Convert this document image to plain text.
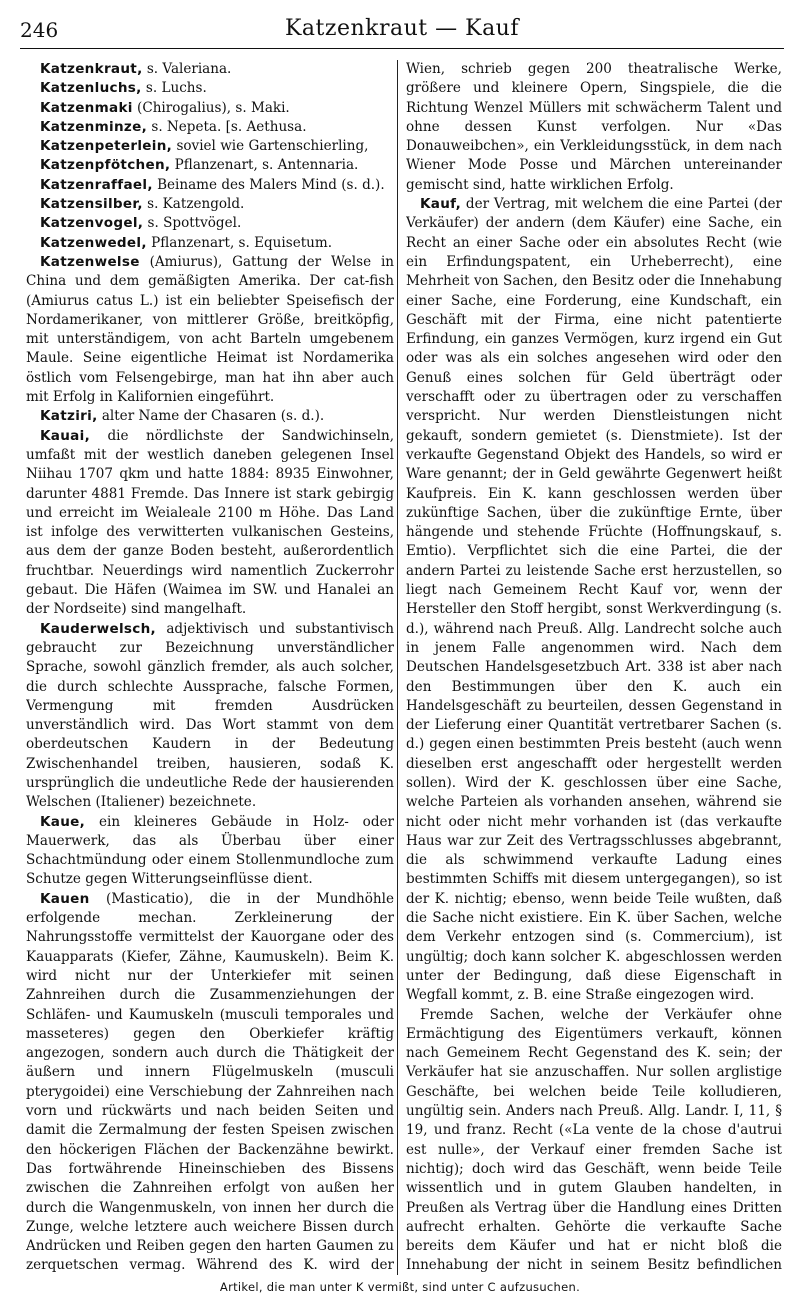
246	Katzenkraut — Kauf

Katzenkraut, s. Valeriana.

Katzenluchs, s. Luchs.

Katzenmaki (Chirogalius), s. Maki.

Katzenminze, s. Nepeta. [s. Aethusa.

Katzenpeterlein, soviel wie Gartenschierling,

Katzenpfötchen, Pflanzenart, s. Antennaria.

Katzenraffael, Beiname des Malers Mind (s. d.).

Katzensilber, s. Katzengold.

Katzenvogel, s. Spottvögel.

Katzenwedel, Pflanzenart, s. Equisetum.

Katzenwelse (Amiurus), Gattung der Welse in China und dem gemäßigten Amerika. Der cat-fish (Amiurus catus L.) ist ein beliebter Speisefisch der Nordamerikaner, von mittlerer Größe, breitköpfig, mit unterständigem, von acht Barteln umgebenem Maule. Seine eigentliche Heimat ist Nordamerika östlich vom Felsengebirge, man hat ihn aber auch mit Erfolg in Kalifornien eingeführt.

Katziri, alter Name der Chasaren (s. d.).

Kauai, die nördlichste der Sandwichinseln, umfaßt mit der westlich daneben gelegenen Insel Niihau 1707 qkm und hatte 1884: 8935 Einwohner, darunter 4881 Fremde. Das Innere ist stark gebirgig und erreicht im Weialeale 2100 m Höhe. Das Land ist infolge des verwitterten vulkanischen Gesteins, aus dem der ganze Boden besteht, außerordentlich fruchtbar. Neuerdings wird namentlich Zuckerrohr gebaut. Die Häfen (Waimea im SW. und Hanalei an der Nordseite) sind mangelhaft.

Kauderwelsch, adjektivisch und substantivisch gebraucht zur Bezeichnung unverständlicher Sprache, sowohl gänzlich fremder, als auch solcher, die durch schlechte Aussprache, falsche Formen, Vermengung mit fremden Ausdrücken unverständlich wird. Das Wort stammt von dem oberdeutschen Kaudern in der Bedeutung Zwischenhandel treiben, hausieren, sodaß K. ursprünglich die undeutliche Rede der hausierenden Welschen (Italiener) bezeichnete.

Kaue, ein kleineres Gebäude in Holz- oder Mauerwerk, das als Überbau über einer Schachtmündung oder einem Stollenmundloche zum Schutze gegen Witterungseinflüsse dient.

Kauen (Masticatio), die in der Mundhöhle erfolgende mechan. Zerkleinerung der Nahrungsstoffe vermittelst der Kauorgane oder des Kauapparats (Kiefer, Zähne, Kaumuskeln). Beim K. wird nicht nur der Unterkiefer mit seinen Zahnreihen durch die Zusammenziehungen der Schläfen- und Kaumuskeln (musculi temporales und masseteres) gegen den Oberkiefer kräftig angezogen, sondern auch durch die Thätigkeit der äußern und innern Flügelmuskeln (musculi pterygoidei) eine Verschiebung der Zahnreihen nach vorn und rückwärts und nach beiden Seiten und damit die Zermalmung der festen Speisen zwischen den höckerigen Flächen der Backenzähne bewirkt. Das fortwährende Hineinschieben des Bissens zwischen die Zahnreihen erfolgt von außen her durch die Wangenmuskeln, von innen her durch die Zunge, welche letztere auch weichere Bissen durch Andrücken und Reiben gegen den harten Gaumen zu zerquetschen vermag. Während des K. wird der

Wien, schrieb gegen 200 theatralische Werke, größere und kleinere Opern, Singspiele, die die Richtung Wenzel Müllers mit schwächerm Talent und ohne dessen Kunst verfolgen. Nur «Das Donauweibchen», ein Verkleidungsstück, in dem nach Wiener Mode Posse und Märchen untereinander gemischt sind, hatte wirklichen Erfolg.

Kauf, der Vertrag, mit welchem die eine Partei (der Verkäufer) der andern (dem Käufer) eine Sache, ein Recht an einer Sache oder ein absolutes Recht (wie ein Erfindungspatent, ein Urheberrecht), eine Mehrheit von Sachen, den Besitz oder die Innehabung einer Sache, eine Forderung, eine Kundschaft, ein Geschäft mit der Firma, eine nicht patentierte Erfindung, ein ganzes Vermögen, kurz irgend ein Gut oder was als ein solches angesehen wird oder den Genuß eines solchen für Geld überträgt oder verschafft oder zu übertragen oder zu verschaffen verspricht. Nur werden Dienstleistungen nicht gekauft, sondern gemietet (s. Dienstmiete). Ist der verkaufte Gegenstand Objekt des Handels, so wird er Ware genannt; der in Geld gewährte Gegenwert heißt Kaufpreis. Ein K. kann geschlossen werden über zukünftige Sachen, über die zukünftige Ernte, über hängende und stehende Früchte (Hoffnungskauf, s. Emtio). Verpflichtet sich die eine Partei, die der andern Partei zu leistende Sache erst herzustellen, so liegt nach Gemeinem Recht Kauf vor, wenn der Hersteller den Stoff hergibt, sonst Werkverdingung (s. d.), während nach Preuß. Allg. Landrecht solche auch in jenem Falle angenommen wird. Nach dem Deutschen Handelsgesetzbuch Art. 338 ist aber nach den Bestimmungen über den K. auch ein Handelsgeschäft zu beurteilen, dessen Gegenstand in der Lieferung einer Quantität vertretbarer Sachen (s. d.) gegen einen bestimmten Preis besteht (auch wenn dieselben erst angeschafft oder hergestellt werden sollen). Wird der K. geschlossen über eine Sache, welche Parteien als vorhanden ansehen, während sie nicht oder nicht mehr vorhanden ist (das verkaufte Haus war zur Zeit des Vertragsschlusses abgebrannt, die als schwimmend verkaufte Ladung eines bestimmten Schiffs mit diesem untergegangen), so ist der K. nichtig; ebenso, wenn beide Teile wußten, daß die Sache nicht existiere. Ein K. über Sachen, welche dem Verkehr entzogen sind (s. Commercium), ist ungültig; doch kann solcher K. abgeschlossen werden unter der Bedingung, daß diese Eigenschaft in Wegfall kommt, z. B. eine Straße eingezogen wird.

Fremde Sachen, welche der Verkäufer ohne Ermächtigung des Eigentümers verkauft, können nach Gemeinem Recht Gegenstand des K. sein; der Verkäufer hat sie anzuschaffen. Nur sollen arglistige Geschäfte, bei welchen beide Teile kolludieren, ungültig sein. Anders nach Preuß. Allg. Landr. I, 11, § 19, und franz. Recht («La vente de la chose d'autrui est nulle», der Verkauf einer fremden Sache ist nichtig); doch wird das Geschäft, wenn beide Teile wissentlich und in gutem Glauben handelten, in Preußen als Vertrag über die Handlung eines Dritten aufrecht erhalten. Gehörte die verkaufte Sache bereits dem Käufer und hat er nicht bloß die Innehabung der nicht in seinem Besitz befindlichen

Artikel, die man unter K vermißt, sind unter C aufzusuchen.
